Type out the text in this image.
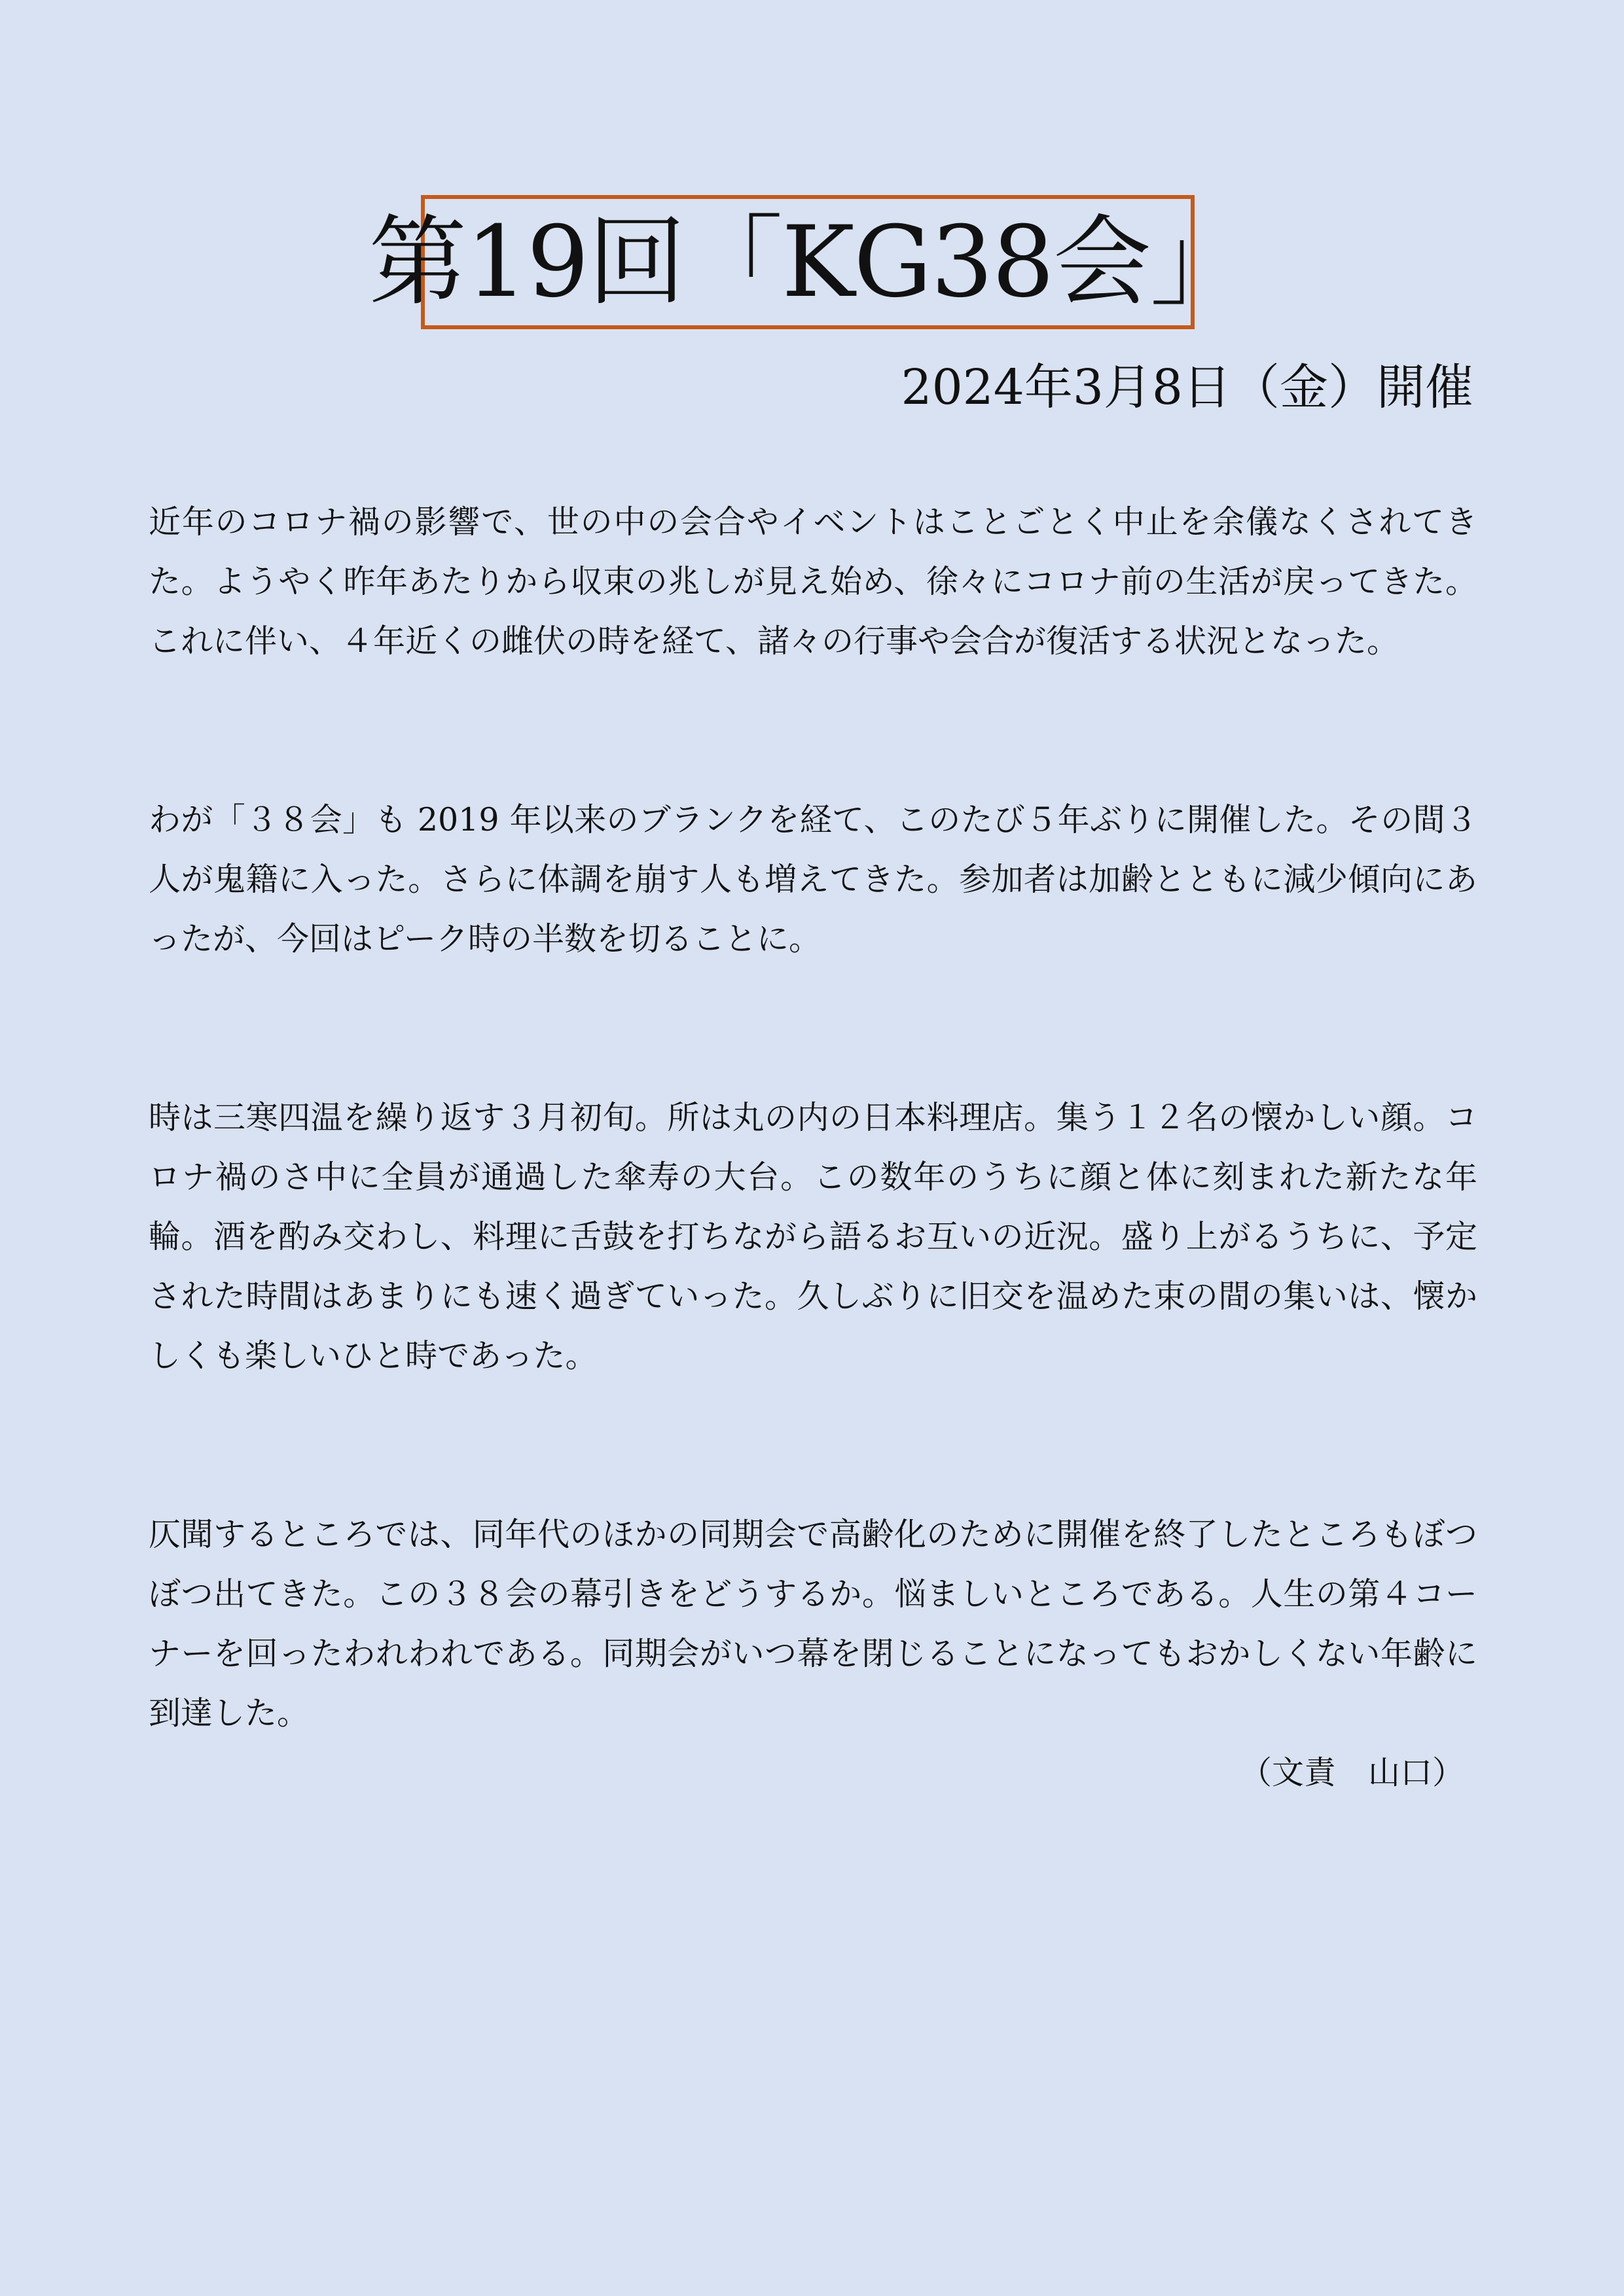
第19回「KG38会」
2024年3月8日（金）開催

近年のコロナ禍の影響で、世の中の会合やイベントはことごとく中止を余儀なくされてきた。ようやく昨年あたりから収束の兆しが見え始め、徐々にコロナ前の生活が戻ってきた。これに伴い、４年近くの雌伏の時を経て、諸々の行事や会合が復活する状況となった。

わが「３８会」も 2019 年以来のブランクを経て、このたび５年ぶりに開催した。その間３人が鬼籍に入った。さらに体調を崩す人も増えてきた。参加者は加齢とともに減少傾向にあったが、今回はピーク時の半数を切ることに。

時は三寒四温を繰り返す３月初旬。所は丸の内の日本料理店。集う１２名の懐かしい顔。コロナ禍のさ中に全員が通過した傘寿の大台。この数年のうちに顔と体に刻まれた新たな年輪。酒を酌み交わし、料理に舌鼓を打ちながら語るお互いの近況。盛り上がるうちに、予定された時間はあまりにも速く過ぎていった。久しぶりに旧交を温めた束の間の集いは、懐かしくも楽しいひと時であった。

仄聞するところでは、同年代のほかの同期会で高齢化のために開催を終了したところもぼつぼつ出てきた。この３８会の幕引きをどうするか。悩ましいところである。人生の第４コーナーを回ったわれわれである。同期会がいつ幕を閉じることになってもおかしくない年齢に到達した。

（文責　山口）
